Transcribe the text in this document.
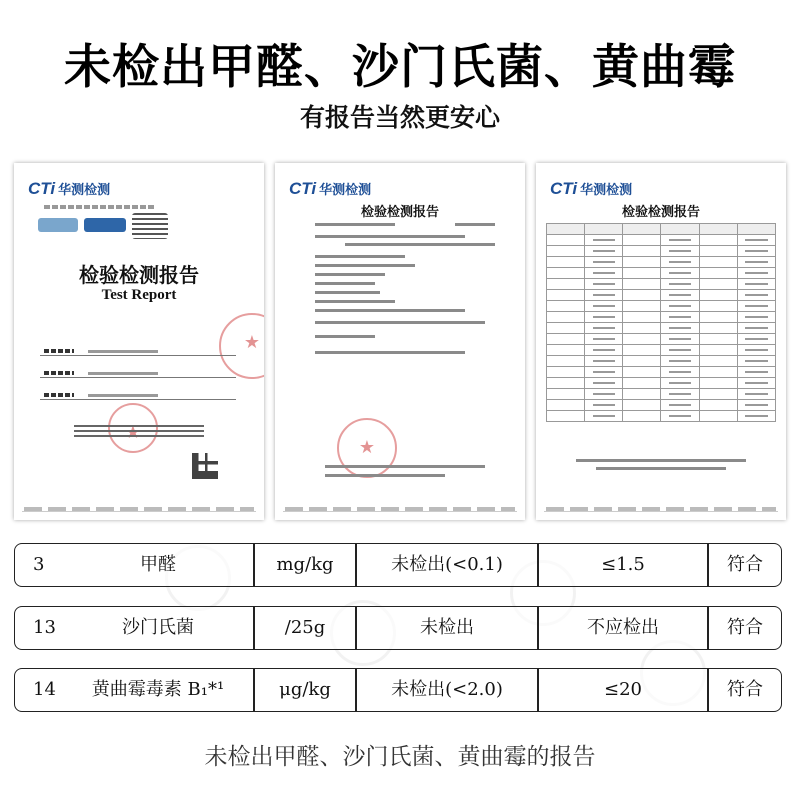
未检出甲醛、沙门氏菌、黄曲霉
有报告当然更安心
CTi 华测检测
检验检测报告
Test Report
★
★
CTi 华测检测
检验检测报告
★
CTi 华测检测
检验检测报告

3	甲醛	mg/kg	未检出(<0.1)	≤1.5	符合
13	沙门氏菌	/25g	未检出	不应检出	符合
14	黄曲霉毒素 B₁*¹	μg/kg	未检出(<2.0)	≤20	符合
未检出甲醛、沙门氏菌、黄曲霉的报告
